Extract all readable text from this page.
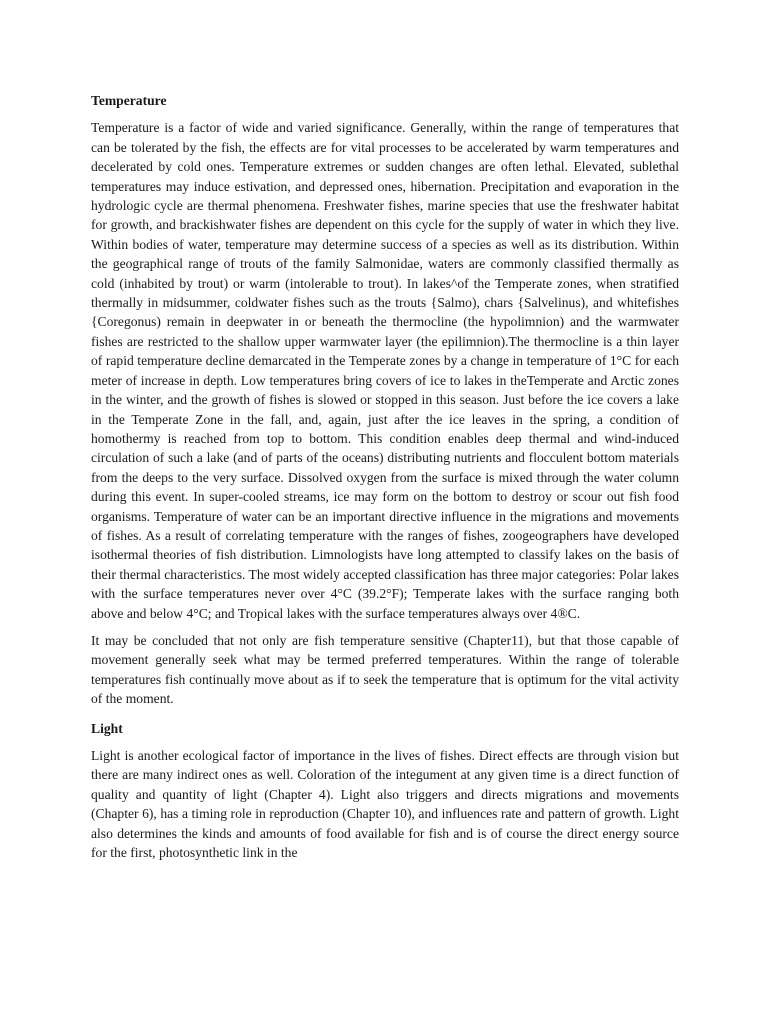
Temperature

Temperature is a factor of wide and varied significance. Generally, within the range of temperatures that can be tolerated by the fish, the effects are for vital processes to be accelerated by warm temperatures and decelerated by cold ones. Temperature extremes or sudden changes are often lethal. Elevated, sublethal temperatures may induce estivation, and depressed ones, hibernation. Precipitation and evaporation in the hydrologic cycle are thermal phenomena. Freshwater fishes, marine species that use the freshwater habitat for growth, and brackishwater fishes are dependent on this cycle for the supply of water in which they live. Within bodies of water, temperature may determine success of a species as well as its distribution. Within the geographical range of trouts of the family Salmonidae, waters are commonly classified thermally as cold (inhabited by trout) or warm (intolerable to trout). In lakes^of the Temperate zones, when stratified thermally in midsummer, coldwater fishes such as the trouts {Salmo), chars {Salvelinus), and whitefishes {Coregonus) remain in deepwater in or beneath the thermocline (the hypolimnion) and the warmwater fishes are restricted to the shallow upper warmwater layer (the epilimnion).The thermocline is a thin layer of rapid temperature decline demarcated in the Temperate zones by a change in temperature of 1°C for each meter of increase in depth. Low temperatures bring covers of ice to lakes in theTemperate and Arctic zones in the winter, and the growth of fishes is slowed or stopped in this season. Just before the ice covers a lake in the Temperate Zone in the fall, and, again, just after the ice leaves in the spring, a condition of homothermy is reached from top to bottom. This condition enables deep thermal and wind-induced circulation of such a lake (and of parts of the oceans) distributing nutrients and flocculent bottom materials from the deeps to the very surface. Dissolved oxygen from the surface is mixed through the water column during this event. In super-cooled streams, ice may form on the bottom to destroy or scour out fish food organisms. Temperature of water can be an important directive influence in the migrations and movements of fishes. As a result of correlating temperature with the ranges of fishes, zoogeographers have developed isothermal theories of fish distribution. Limnologists have long attempted to classify lakes on the basis of their thermal characteristics. The most widely accepted classification has three major categories: Polar lakes with the surface temperatures never over 4°C (39.2°F); Temperate lakes with the surface ranging both above and below 4°C; and Tropical lakes with the surface temperatures always over 4®C.

It may be concluded that not only are fish temperature sensitive (Chapter11), but that those capable of movement generally seek what may be termed preferred temperatures. Within the range of tolerable temperatures fish continually move about as if to seek the temperature that is optimum for the vital activity of the moment.

Light

Light is another ecological factor of importance in the lives of fishes. Direct effects are through vision but there are many indirect ones as well. Coloration of the integument at any given time is a direct function of quality and quantity of light (Chapter 4). Light also triggers and directs migrations and movements (Chapter 6), has a timing role in reproduction (Chapter 10), and influences rate and pattern of growth. Light also determines the kinds and amounts of food available for fish and is of course the direct energy source for the first, photosynthetic link in the
